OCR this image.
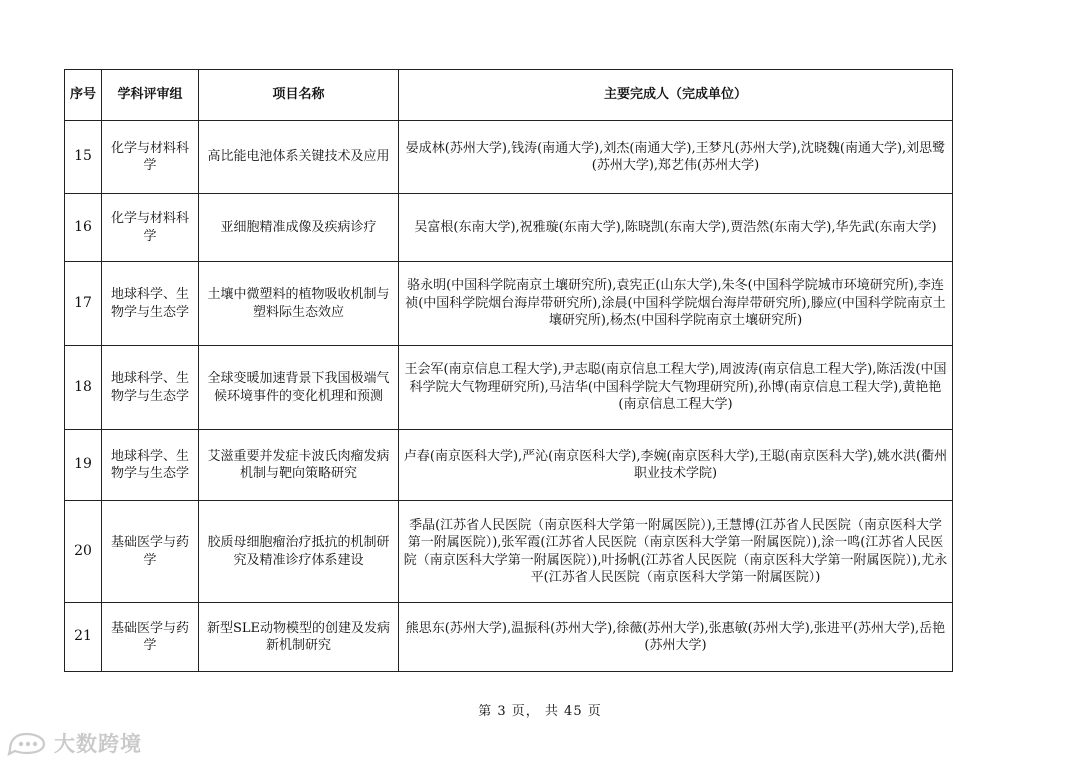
序号	学科评审组	项目名称	主要完成人（完成单位）
15	化学与材料科学	高比能电池体系关键技术及应用	晏成林(苏州大学),钱涛(南通大学),刘杰(南通大学),王梦凡(苏州大学),沈晓魏(南通大学),刘思鹭(苏州大学),郑艺伟(苏州大学)
16	化学与材料科学	亚细胞精准成像及疾病诊疗	吴富根(东南大学),祝雅璇(东南大学),陈晓凯(东南大学),贾浩然(东南大学),华先武(东南大学)
17	地球科学、生物学与生态学	土壤中微塑料的植物吸收机制与塑料际生态效应	骆永明(中国科学院南京土壤研究所),袁宪正(山东大学),朱冬(中国科学院城市环境研究所),李连祯(中国科学院烟台海岸带研究所),涂晨(中国科学院烟台海岸带研究所),滕应(中国科学院南京土壤研究所),杨杰(中国科学院南京土壤研究所)
18	地球科学、生物学与生态学	全球变暖加速背景下我国极端气候环境事件的变化机理和预测	王会军(南京信息工程大学),尹志聪(南京信息工程大学),周波涛(南京信息工程大学),陈活泼(中国科学院大气物理研究所),马洁华(中国科学院大气物理研究所),孙博(南京信息工程大学),黄艳艳(南京信息工程大学)
19	地球科学、生物学与生态学	艾滋重要并发症卡波氏肉瘤发病机制与靶向策略研究	卢春(南京医科大学),严沁(南京医科大学),李婉(南京医科大学),王聪(南京医科大学),姚水洪(衢州职业技术学院)
20	基础医学与药学	胶质母细胞瘤治疗抵抗的机制研究及精准诊疗体系建设	季晶(江苏省人民医院（南京医科大学第一附属医院）),王慧博(江苏省人民医院（南京医科大学第一附属医院）),张军霞(江苏省人民医院（南京医科大学第一附属医院）),涂一鸣(江苏省人民医院（南京医科大学第一附属医院）),叶扬帆(江苏省人民医院（南京医科大学第一附属医院）),尤永平(江苏省人民医院（南京医科大学第一附属医院）)
21	基础医学与药学	新型SLE动物模型的创建及发病新机制研究	熊思东(苏州大学),温振科(苏州大学),徐薇(苏州大学),张惠敏(苏州大学),张进平(苏州大学),岳艳(苏州大学)
第 3 页， 共 45 页
大数跨境
